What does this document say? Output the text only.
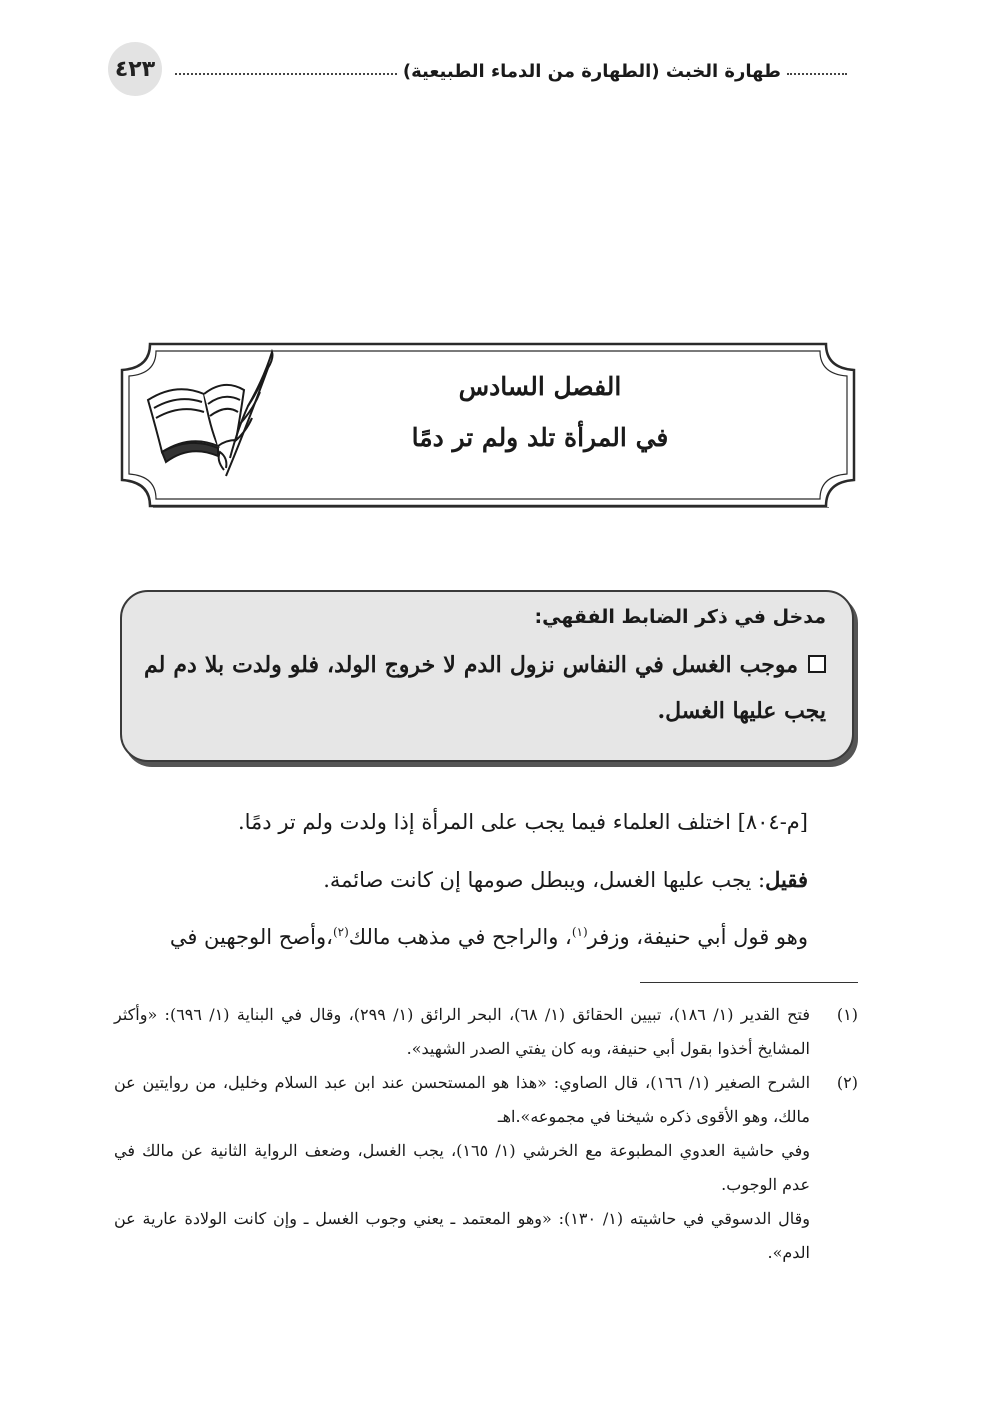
٤٢٣	طهارة الخبث (الطهارة من الدماء الطبيعية)
الفصل السادس
في المرأة تلد ولم تر دمًا
مدخل في ذكر الضابط الفقهي:
موجب الغسل في النفاس نزول الدم لا خروج الولد، فلو ولدت بلا دم لم يجب عليها الغسل.

[م-٨٠٤] اختلف العلماء فيما يجب على المرأة إذا ولدت ولم تر دمًا.

فقيل: يجب عليها الغسل، ويبطل صومها إن كانت صائمة.

وهو قول أبي حنيفة، وزفر$^{(١)}$، والراجح في مذهب مالك$^{(٢)}$،وأصح الوجهين في

(١)

فتح القدير (١/ ١٨٦)، تبيين الحقائق (١/ ٦٨)، البحر الرائق (١/ ٢٩٩)، وقال في البناية (١/ ٦٩٦): «وأكثر المشايخ أخذوا بقول أبي حنيفة، وبه كان يفتي الصدر الشهيد».

(٢)

الشرح الصغير (١/ ١٦٦)، قال الصاوي: «هذا هو المستحسن عند ابن عبد السلام وخليل، من روايتين عن مالك، وهو الأقوى ذكره شيخنا في مجموعه».اهـ

وفي حاشية العدوي المطبوعة مع الخرشي (١/ ١٦٥)، يجب الغسل، وضعف الرواية الثانية عن مالك في عدم الوجوب.

وقال الدسوقي في حاشيته (١/ ١٣٠): «وهو المعتمد ـ يعني وجوب الغسل ـ وإن كانت الولادة عارية عن الدم».
